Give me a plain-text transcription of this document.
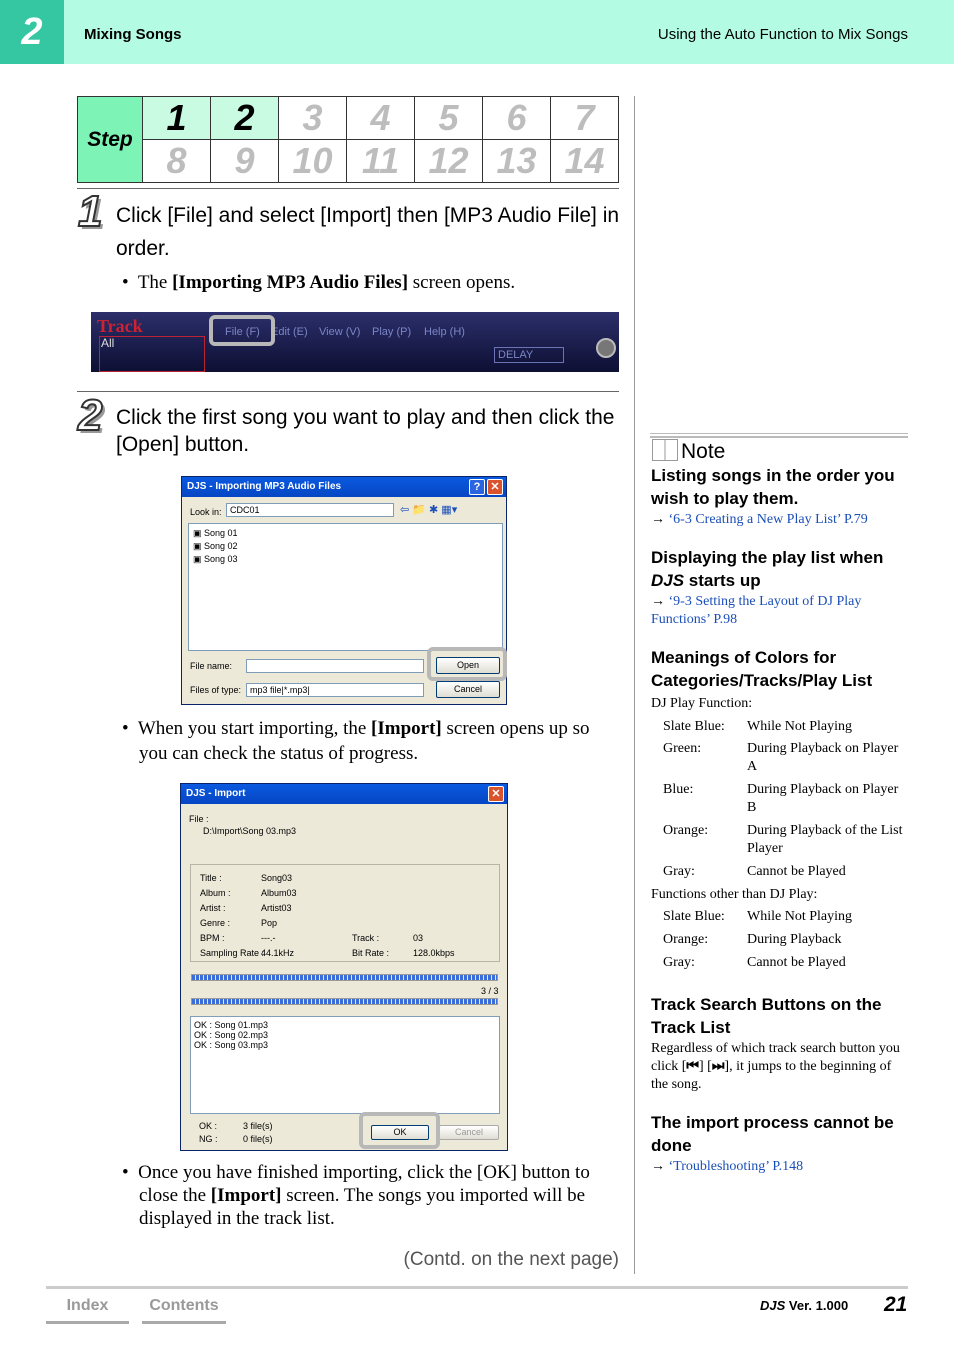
2	Mixing Songs	Using the Auto Function to Mix Songs
Step	1	2	3	4	5	6	7
	8	9	10	11	12	13	14
1 Click [File] and select [Import] then [MP3 Audio File] in order.
•  The [Importing MP3 Audio Files] screen opens.
Track
All
File (F) Edit (E) View (V) Play (P) Help (H)
DELAY
2 Click the first song you want to play and then click the [Open] button.
DJS - Importing MP3 Audio Files	? ✕
Look in: CDC01	⇦ 📁 ✱ ▦▾
▣ Song 01
▣ Song 02
▣ Song 03
File name:	Open
Files of type: mp3 file|*.mp3|	Cancel
•  When you start importing, the [Import] screen opens up so you can check the status of progress.
DJS - Import	✕
File :
D:\Import\Song 03.mp3
Title :	Song03
Album :	Album03
Artist :	Artist03
Genre :	Pop
BPM :	---.-	Track :	03
Sampling Rate :
44.1kHz	Bit Rate :	128.0kbps
3 / 3
OK : Song 01.mp3
OK : Song 02.mp3
OK : Song 03.mp3
OK :	3 file(s)
NG :	0 file(s)
OK	Cancel
•  Once you have finished importing, click the [OK] button to close the [Import] screen. The songs you imported will be displayed in the track list.
(Contd. on the next page)
Note
Listing songs in the order you wish to play them.
→ ‘6-3 Creating a New Play List’ P.79
Displaying the play list when DJS starts up
→ ‘9-3 Setting the Layout of DJ Play Functions’ P.98
Meanings of Colors for Categories/Tracks/Play List
DJ Play Function:
Slate Blue:	While Not Playing
Green:	During Playback on Player A
Blue:	During Playback on Player B
Orange:	During Playback of the List Player
Gray:	Cannot be Played
Functions other than DJ Play:
Slate Blue:	While Not Playing
Orange:	During Playback
Gray:	Cannot be Played
Track Search Buttons on the Track List
Regardless of which track search button you click [⏮] [⏭], it jumps to the beginning of the song.
The import process cannot be done
→ ‘Troubleshooting’ P.148
Index	Contents	DJS Ver. 1.000 21
